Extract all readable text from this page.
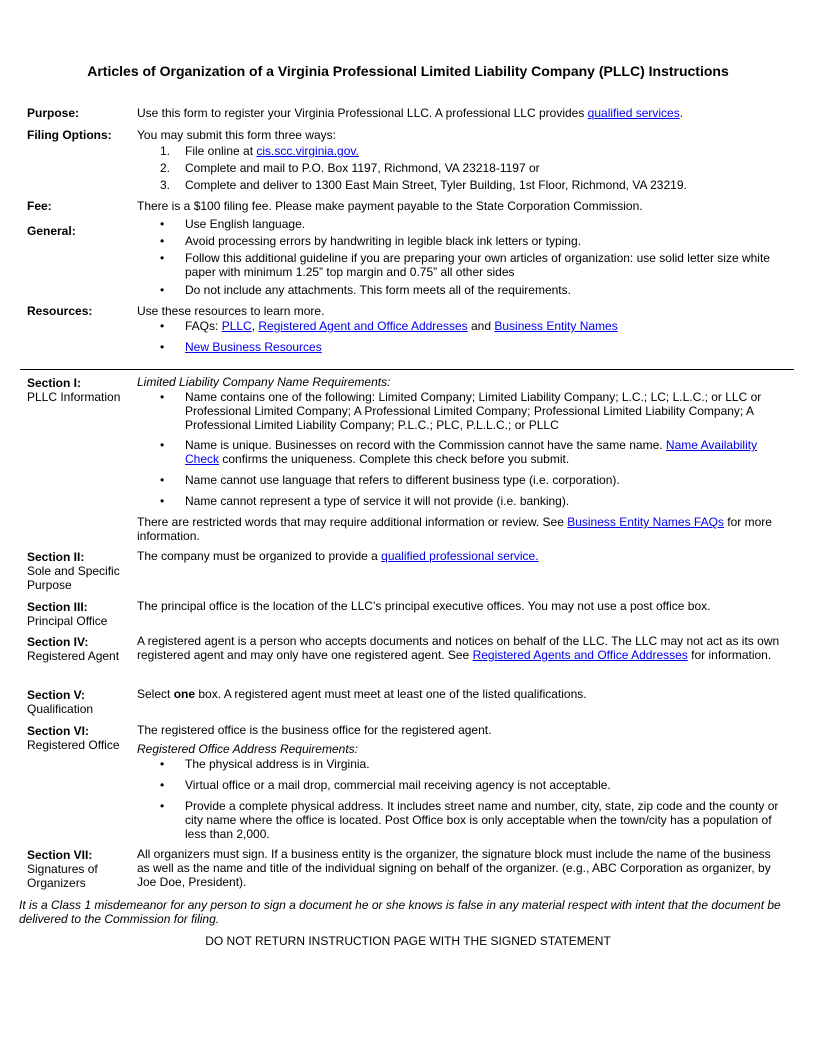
Articles of Organization of a Virginia Professional Limited Liability Company (PLLC) Instructions
Purpose:	Use this form to register your Virginia Professional LLC. A professional LLC provides qualified services.
Filing Options:	You may submit this form three ways:
1.	File online at cis.scc.virginia.gov.
2.	Complete and mail to P.O. Box 1197, Richmond, VA 23218-1197 or
3.	Complete and deliver to 1300 East Main Street, Tyler Building, 1st Floor, Richmond, VA 23219.
Fee:	There is a $100 filing fee. Please make payment payable to the State Corporation Commission.
General:	•	Use English language.
•	Avoid processing errors by handwriting in legible black ink letters or typing.
•	Follow this additional guideline if you are preparing your own articles of organization: use solid letter size white paper with minimum 1.25” top margin and 0.75” all other sides
•	Do not include any attachments. This form meets all of the requirements.
Resources:	Use these resources to learn more.
•	FAQs: PLLC, Registered Agent and Office Addresses and Business Entity Names
•	New Business Resources
Section I:
PLLC Information
Limited Liability Company Name Requirements:
•	Name contains one of the following: Limited Company; Limited Liability Company; L.C.; LC; L.L.C.; or LLC or Professional Limited Company; A Professional Limited Company; Professional Limited Liability Company; A Professional Limited Liability Company; P.L.C.; PLC, P.L.L.C.; or PLLC
•	Name is unique. Businesses on record with the Commission cannot have the same name. Name Availability Check confirms the uniqueness. Complete this check before you submit.
•	Name cannot use language that refers to different business type (i.e. corporation).
•	Name cannot represent a type of service it will not provide (i.e. banking).
There are restricted words that may require additional information or review. See Business Entity Names FAQs for more information.
Section II:
Sole and Specific Purpose
The company must be organized to provide a qualified professional service.
Section III:
Principal Office
The principal office is the location of the LLC’s principal executive offices. You may not use a post office box.
Section IV:
Registered Agent
A registered agent is a person who accepts documents and notices on behalf of the LLC. The LLC may not act as its own registered agent and may only have one registered agent. See Registered Agents and Office Addresses for information.
Section V:
Qualification
Select one box. A registered agent must meet at least one of the listed qualifications.
Section VI:
Registered Office
The registered office is the business office for the registered agent.
Registered Office Address Requirements:
•	The physical address is in Virginia.
•	Virtual office or a mail drop, commercial mail receiving agency is not acceptable.
•	Provide a complete physical address. It includes street name and number, city, state, zip code and the county or city name where the office is located. Post Office box is only acceptable when the town/city has a population of less than 2,000.
Section VII:
Signatures of Organizers
All organizers must sign. If a business entity is the organizer, the signature block must include the name of the business as well as the name and title of the individual signing on behalf of the organizer. (e.g., ABC Corporation as organizer, by Joe Doe, President).
It is a Class 1 misdemeanor for any person to sign a document he or she knows is false in any material respect with intent that the document be delivered to the Commission for filing.
DO NOT RETURN INSTRUCTION PAGE WITH THE SIGNED STATEMENT
